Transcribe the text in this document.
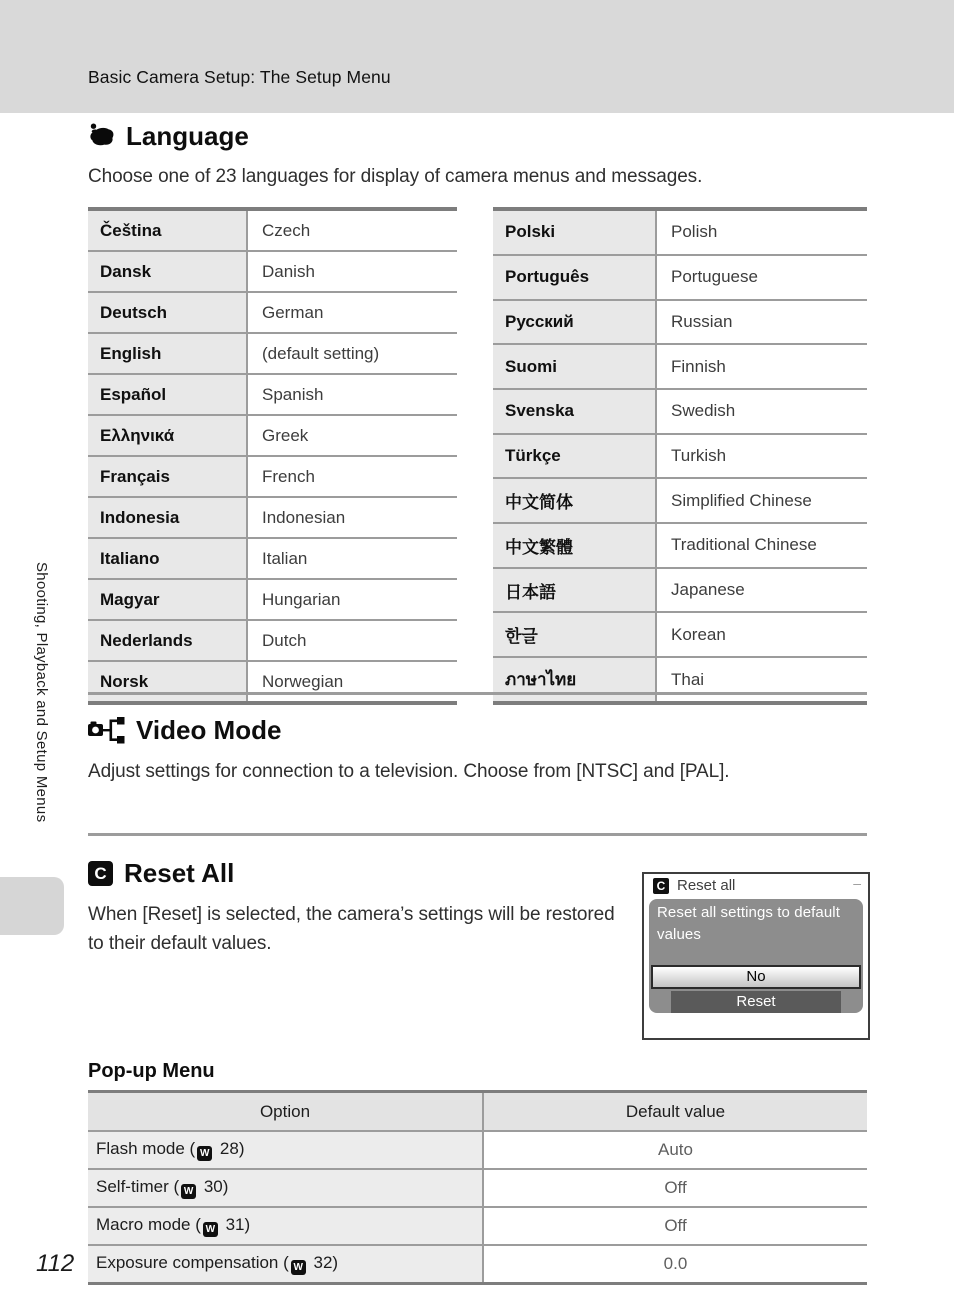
Basic Camera Setup: The Setup Menu
Language
Choose one of 23 languages for display of camera menus and messages.
Čeština	Czech
Dansk	Danish
Deutsch	German
English	(default setting)
Español	Spanish
Ελληνικά	Greek
Français	French
Indonesia	Indonesian
Italiano	Italian
Magyar	Hungarian
Nederlands	Dutch
Norsk	Norwegian
Polski	Polish
Português	Portuguese
Русский	Russian
Suomi	Finnish
Svenska	Swedish
Türkçe	Turkish
中文简体	Simplified Chinese
中文繁體	Traditional Chinese
日本語	Japanese
한글	Korean
ภาษาไทย	Thai
Video Mode
Adjust settings for connection to a television. Choose from [NTSC] and [PAL].
C Reset All
When [Reset] is selected, the camera’s settings will be restored to their default values.
C Reset all	–
Reset all settings to default values
No
Reset
Pop-up Menu
Option	Default value
Flash mode ( W 28)	Auto
Self-timer ( W 30)	Off
Macro mode ( W 31)	Off
Exposure compensation ( W 32)	0.0
Shooting, Playback and Setup Menus
112
